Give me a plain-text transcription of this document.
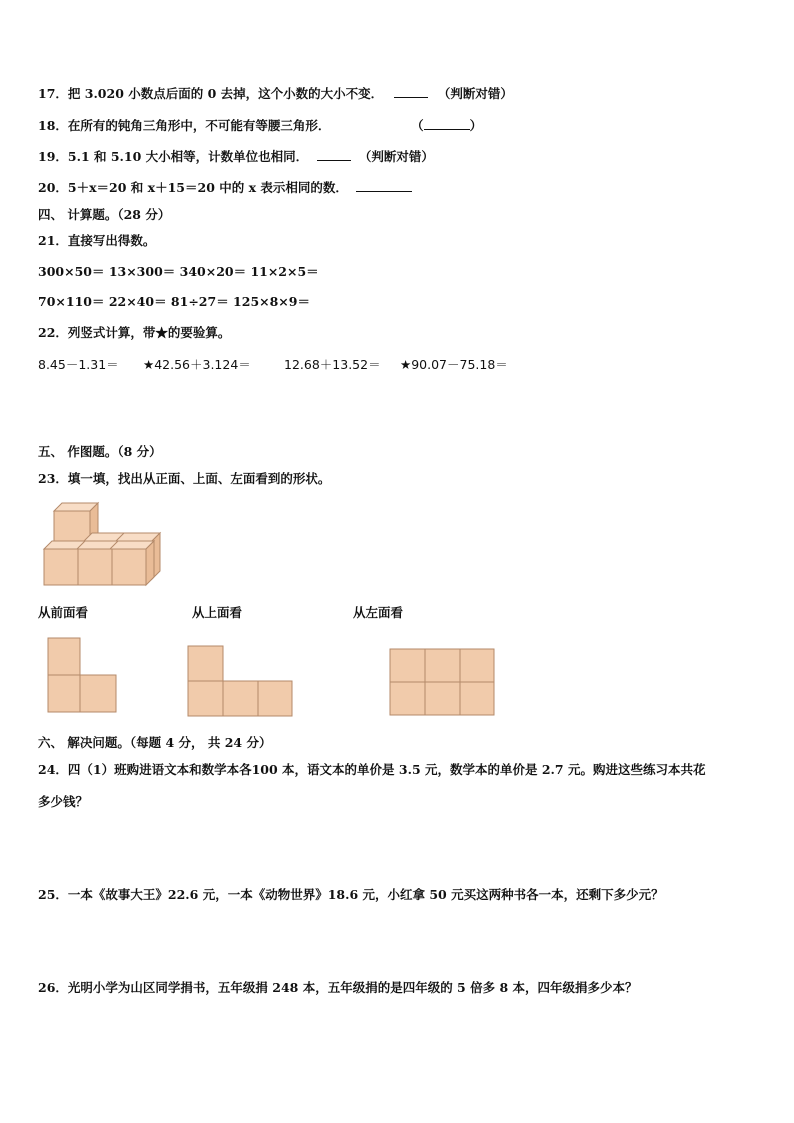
17．把 3.020 小数点后面的 0 去掉，这个小数的大小不变．	（判断对错）
18．在所有的钝角三角形中，不可能有等腰三角形．	（	）
19．5.1 和 5.10 大小相等，计数单位也相同．	（判断对错）
20．5＋x＝20 和 x＋15＝20 中的 x 表示相同的数．
四、 计算题。（28 分）
21．直接写出得数。
300×50＝ 13×300＝ 340×20＝ 11×2×5＝
70×110＝ 22×40＝ 81÷27＝ 125×8×9＝
22．列竖式计算，带★的要验算。
8.45－1.31＝ ★42.56＋3.124＝	12.68＋13.52＝ ★90.07－75.18＝
五、 作图题。（8 分）
23．填一填，找出从正面、上面、左面看到的形状。
从前面看	从上面看	从左面看
六、 解决问题。（每题 4 分， 共 24 分）
24．四（1）班购进语文本和数学本各100 本，语文本的单价是 3.5 元，数学本的单价是 2.7 元。购进这些练习本共花
多少钱？
25．一本《故事大王》22.6 元，一本《动物世界》18.6 元，小红拿 50 元买这两种书各一本，还剩下多少元？
26．光明小学为山区同学捐书，五年级捐 248 本，五年级捐的是四年级的 5 倍多 8 本，四年级捐多少本？
